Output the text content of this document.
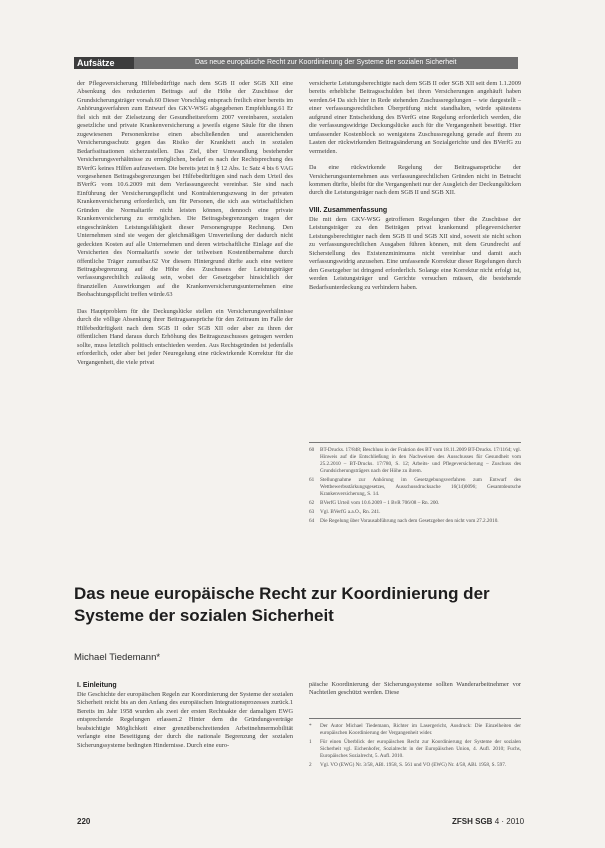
Aufsätze	Das neue europäische Recht zur Koordinierung der Systeme der sozialen Sicherheit

der Pflegeversicherung Hilfebedürftige nach dem SGB II oder SGB XII eine Absenkung des reduzierten Beitrags auf die Höhe der Zuschüsse der Grundsicherungsträger vorsah.60 Dieser Vorschlag entsprach freilich einer bereits im Anhörungsverfahren zum Entwurf des GKV-WSG abgegebenen Empfehlung.61 Er fiel sich mit der Zielsetzung der Gesundheitsreform 2007 vereinbaren, sozialen gesetzliche und private Krankenversicherung a jeweils eigene Säule für die ihnen zugewiesenen Personenkreise einen abschließenden und ausreichenden Versicherungsschutz gegen das Risiko der Krankheit auch in sozialen Bedarfssituationen sicherzustellen. Das Ziel, über Umwandlung bestehender Versicherungsverhältnisse zu ermöglichen, bedarf es nach der Rechtsprechung des BVerfG keines Hilfen aufzuweisen. Die bereits jetzt in § 12 Abs. 1c Satz 4 bis 6 VAG vorgesehenen Beitragsbegrenzungen bei Hilfebedürftigen sind nach dem Urteil des BVerfG vom 10.6.2009 mit dem Verfassungsrecht vereinbar. Sie sind nach Einführung der Versicherungspflicht und Kontrahierungszwang in der privaten Krankenversicherung erforderlich, um für Personen, die sich aus wirtschaftlichen Gründen die Normaltarife nicht leisten können, dennoch eine private Krankenversicherung zu ermöglichen. Die Beitragsbegrenzungen tragen der eingeschränkten Leistungsfähigkeit dieser Personengruppe Rechnung. Den Unternehmen sind sie wegen der gleichmäßigen Umverteilung der dadurch nicht gedeckten Kosten auf alle Unternehmen und deren wirtschaftliche Einlage auf die Versicherten des Normaltarifs sowie der teilweisen Kostenübernahme durch öffentliche Träger zumutbar.62 Vor diesem Hintergrund dürfte auch eine weitere Beitragsbegrenzung auf die Höhe des Zuschusses der Leistungsträger verfassungsrechtlich zulässig sein, wobei der Gesetzgeber hinsichtlich der finanziellen Auswirkungen auf die Krankenversicherungsunternehmen eine Beobachtungspflicht treffen würde.63

Das Hauptproblem für die Deckungslücke stellen ein Versicherungsverhältnisse durch die völlige Absenkung ihrer Beitragsansprüche für den Zeitraum im Falle der Hilfebedürftigkeit nach dem SGB II oder SGB XII oder aber zu ihren der öffentlichen Hand daraus durch Erhöhung des Beitragszuschusses getragen werden sollte, muss letztlich politisch entschieden werden. Aus Rechtsgründen ist jedenfalls erforderlich, oder aber bei jeder Neuregelung eine rückwirkende Korrektur für die Vergangenheit, die viele privat

versicherte Leistungsberechtigte nach dem SGB II oder SGB XII seit dem 1.1.2009 bereits erhebliche Beitragsschulden bei ihren Versicherungen angehäuft haben werden.64 Da sich hier in Rede stehenden Zuschussregelungen – wie dargestellt – einer verfassungsrechtlichen Überprüfung nicht standhalten, würde spätestens aufgrund einer Entscheidung des BVerfG eine Regelung erforderlich werden, die die verfassungswidrige Deckungslücke auch für die Vergangenheit beseitigt. Hier umfassender Kostenblock so wenigstens Zuschussregelung gerade auf ihrem zu Lasten der rückwirkenden Beitragsänderung an Sozialgerichte und des BVerfG zu vermeiden.

Da eine rückwirkende Regelung der Beitragsansprüche der Versicherungsunternehmen aus verfassungsrechtlichen Gründen nicht in Betracht kommen dürfte, bleibt für die Vergangenheit nur der Ausgleich der Deckungslücken durch die Leistungsträger nach dem SGB II und SGB XII.

VIII. Zusammenfassung

Die mit dem GKV-WSG getroffenen Regelungen über die Zuschüsse der Leistungsträger zu den Beiträgen privat krankenund pflegeversicherter Leistungsberechtigter nach dem SGB II und SGB XII sind, soweit sie nicht schon zu verfassungsrechtlichen Ausgaben führen können, mit dem Grundrecht auf Sicherstellung des Existenzminimums nicht vereinbar und damit auch verfassungswidrig anzusehen. Eine umfassende Korrektur dieser Regelungen durch den Gesetzgeber ist dringend erforderlich. Solange eine Korrektur nicht erfolgt ist, werden Leistungsträger und Gerichte versuchen müssen, die bestehende Bedarfsunterdeckung zu verhindern haben.

60	BT-Drucks. 17/848; Beschluss in der Fraktion des BT vom 18.11.2009 BT-Drucks. 17/1164; vgl. Hinweis auf die Entschließung in den Nachweisen des Ausschusses für Gesundheit vom 25.2.2010 – BT-Drucks. 17/780, S. 12; Arbeits- und Pflegeversicherung – Zuschuss des Grundsicherungsträgers nach der Höhe zu ihrem.
61	Stellungnahme zur Anhörung im Gesetzgebungsverfahren zum Entwurf des Wettbewerbsstärkungsgesetzes, Ausschussdrucksache 16(14)0096; Gesamtdeutsche Krankenversicherung, S. 14.
62	BVerfG Urteil vom 10.6.2009 – 1 BvR 706/08 – Rn. 200.
63	Vgl. BVerfG a.a.O., Rn. 241.
64	Die Regelung über Vorausabführung nach dem Gesetzgeber den nicht vom 27.2.2010.
Das neue europäische Recht zur Koordinierung der Systeme der sozialen Sicherheit
Michael Tiedemann*
I. Einleitung

Die Geschichte der europäischen Regeln zur Koordinierung der Systeme der sozialen Sicherheit reicht bis an den Anfang des europäischen Integrationsprozesses zurück.1 Bereits im Jahr 1958 wurden als zwei der ersten Rechtsakte der damaligen EWG entsprechende Regelungen erlassen.2 Hinter dem die Gründungsverträge beabsichtigte Möglichkeit einer grenzüberschreitenden Arbeitnehmermobilität verlangte eine Beseitigung der durch die nationale Begrenzung der sozialen Sicherungssysteme bedingten Hindernisse. Durch eine euro-

päische Koordinierung der Sicherungssysteme sollten Wanderarbeitnehmer vor Nachteilen geschützt werden. Diese

*	Der Autor Michael Tiedemann, Richter im Lasergericht, Ausdruck: Die Einzelheiten der europäischen Koordinierung der Vergangenheit wider.
1	Für einen Überblick der europäischen Recht zur Koordinierung der Systeme der sozialen Sicherheit vgl. Eichenhofer, Sozialrecht in der Europäischen Union, 4. Aufl. 2010; Fuchs, Europäisches Sozialrecht, 5. Aufl. 2010.
2	Vgl. VO (EWG) Nr. 3/58, ABl. 1958, S. 561 und VO (EWG) Nr. 4/58, ABl. 1958, S. 597.
220	ZFSH SGB 4 · 2010
